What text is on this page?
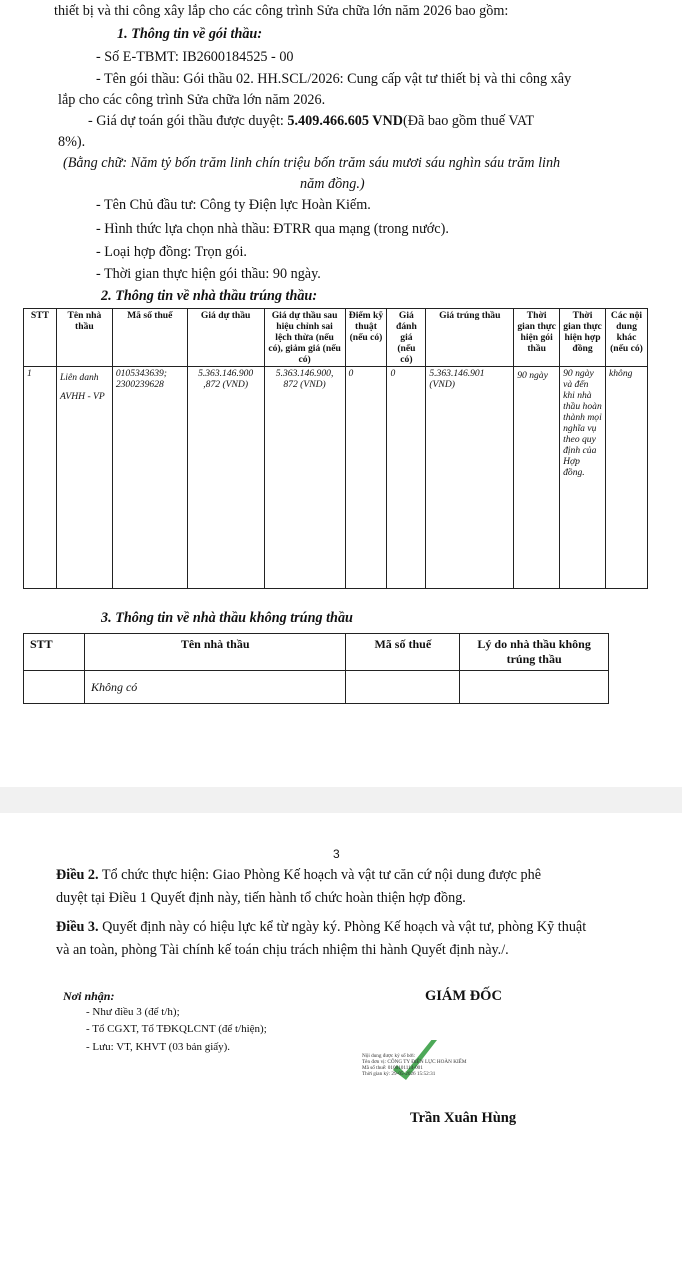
thiết bị và thi công xây lắp cho các công trình Sửa chữa lớn năm 2026 bao gồm:
1. Thông tin về gói thầu:
- Số E-TBMT: IB2600184525 - 00
- Tên gói thầu: Gói thầu 02. HH.SCL/2026: Cung cấp vật tư thiết bị và thi công xây
lắp cho các công trình Sửa chữa lớn năm 2026.
- Giá dự toán gói thầu được duyệt: 5.409.466.605 VND(Đã bao gồm thuế VAT
8%).
(Bằng chữ: Năm tỷ bốn trăm linh chín triệu bốn trăm sáu mươi sáu nghìn sáu trăm linh
năm đồng.)
- Tên Chủ đầu tư: Công ty Điện lực Hoàn Kiếm.
- Hình thức lựa chọn nhà thầu: ĐTRR qua mạng (trong nước).
- Loại hợp đồng: Trọn gói.
- Thời gian thực hiện gói thầu: 90 ngày.
2. Thông tin về nhà thầu trúng thầu:
STT	Tên nhà thầu	Mã số thuế	Giá dự thầu	Giá dự thầu sau hiệu chỉnh sai lệch thừa (nếu có), giảm giá (nếu có)	Điểm kỹ thuật (nếu có)	Giá đánh giá (nếu có)	Giá trúng thầu	Thời gian thực hiện gói thầu	Thời gian thực hiện hợp đồng	Các nội dung khác (nếu có)
1	Liên danh AVHH - VP	0105343639; 2300239628	5.363.146.900 ,872 (VND)	5.363.146.900, 872 (VND)	0	0	5.363.146.901 (VND)	90 ngày	90 ngày và đến khi nhà thầu hoàn thành mọi nghĩa vụ theo quy định của Hợp đồng.	không
3. Thông tin về nhà thầu không trúng thầu
STT	Tên nhà thầu	Mã số thuế	Lý do nhà thầu không trúng thầu
	Không có		
3
Điều 2. Tổ chức thực hiện: Giao Phòng Kế hoạch và vật tư căn cứ nội dung được phê
duyệt tại Điều 1 Quyết định này, tiến hành tổ chức hoàn thiện hợp đồng.
Điều 3. Quyết định này có hiệu lực kể từ ngày ký. Phòng Kế hoạch và vật tư, phòng Kỹ thuật
và an toàn, phòng Tài chính kế toán chịu trách nhiệm thi hành Quyết định này./.
Nơi nhận:
- Như điều 3 (để t/h);
- Tổ CGXT, Tổ TĐKQLCNT (để t/hiện);
- Lưu: VT, KHVT (03 bản giấy).
GIÁM ĐỐC
Nội dung được ký số bởi:
Tên đơn vị: CÔNG TY ĐIỆN LỰC HOÀN KIẾM
Mã số thuế: 0100101114-001
Thời gian ký: 29-05-2026 15:52:31
Trần Xuân Hùng
